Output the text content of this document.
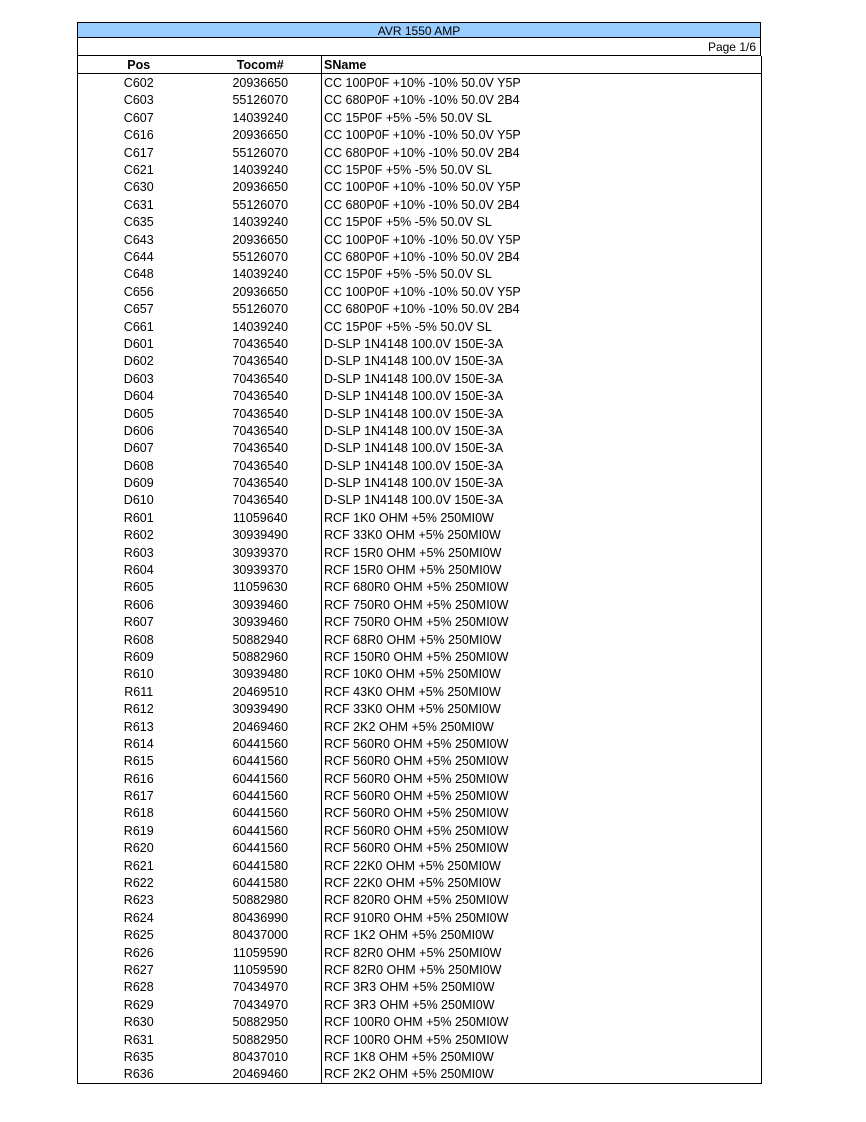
AVR 1550 AMP
Page 1/6
Pos	Tocom#	SName
C602	20936650	CC 100P0F +10% -10% 50.0V Y5P
C603	55126070	CC 680P0F +10% -10% 50.0V 2B4
C607	14039240	CC 15P0F +5% -5% 50.0V SL
C616	20936650	CC 100P0F +10% -10% 50.0V Y5P
C617	55126070	CC 680P0F +10% -10% 50.0V 2B4
C621	14039240	CC 15P0F +5% -5% 50.0V SL
C630	20936650	CC 100P0F +10% -10% 50.0V Y5P
C631	55126070	CC 680P0F +10% -10% 50.0V 2B4
C635	14039240	CC 15P0F +5% -5% 50.0V SL
C643	20936650	CC 100P0F +10% -10% 50.0V Y5P
C644	55126070	CC 680P0F +10% -10% 50.0V 2B4
C648	14039240	CC 15P0F +5% -5% 50.0V SL
C656	20936650	CC 100P0F +10% -10% 50.0V Y5P
C657	55126070	CC 680P0F +10% -10% 50.0V 2B4
C661	14039240	CC 15P0F +5% -5% 50.0V SL
D601	70436540	D-SLP 1N4148 100.0V 150E-3A
D602	70436540	D-SLP 1N4148 100.0V 150E-3A
D603	70436540	D-SLP 1N4148 100.0V 150E-3A
D604	70436540	D-SLP 1N4148 100.0V 150E-3A
D605	70436540	D-SLP 1N4148 100.0V 150E-3A
D606	70436540	D-SLP 1N4148 100.0V 150E-3A
D607	70436540	D-SLP 1N4148 100.0V 150E-3A
D608	70436540	D-SLP 1N4148 100.0V 150E-3A
D609	70436540	D-SLP 1N4148 100.0V 150E-3A
D610	70436540	D-SLP 1N4148 100.0V 150E-3A
R601	11059640	RCF 1K0 OHM +5% 250MI0W
R602	30939490	RCF 33K0 OHM +5% 250MI0W
R603	30939370	RCF 15R0 OHM +5% 250MI0W
R604	30939370	RCF 15R0 OHM +5% 250MI0W
R605	11059630	RCF 680R0 OHM +5% 250MI0W
R606	30939460	RCF 750R0 OHM +5% 250MI0W
R607	30939460	RCF 750R0 OHM +5% 250MI0W
R608	50882940	RCF 68R0 OHM +5% 250MI0W
R609	50882960	RCF 150R0 OHM +5% 250MI0W
R610	30939480	RCF 10K0 OHM +5% 250MI0W
R611	20469510	RCF 43K0 OHM +5% 250MI0W
R612	30939490	RCF 33K0 OHM +5% 250MI0W
R613	20469460	RCF 2K2 OHM +5% 250MI0W
R614	60441560	RCF 560R0 OHM +5% 250MI0W
R615	60441560	RCF 560R0 OHM +5% 250MI0W
R616	60441560	RCF 560R0 OHM +5% 250MI0W
R617	60441560	RCF 560R0 OHM +5% 250MI0W
R618	60441560	RCF 560R0 OHM +5% 250MI0W
R619	60441560	RCF 560R0 OHM +5% 250MI0W
R620	60441560	RCF 560R0 OHM +5% 250MI0W
R621	60441580	RCF 22K0 OHM +5% 250MI0W
R622	60441580	RCF 22K0 OHM +5% 250MI0W
R623	50882980	RCF 820R0 OHM +5% 250MI0W
R624	80436990	RCF 910R0 OHM +5% 250MI0W
R625	80437000	RCF 1K2 OHM +5% 250MI0W
R626	11059590	RCF 82R0 OHM +5% 250MI0W
R627	11059590	RCF 82R0 OHM +5% 250MI0W
R628	70434970	RCF 3R3 OHM +5% 250MI0W
R629	70434970	RCF 3R3 OHM +5% 250MI0W
R630	50882950	RCF 100R0 OHM +5% 250MI0W
R631	50882950	RCF 100R0 OHM +5% 250MI0W
R635	80437010	RCF 1K8 OHM +5% 250MI0W
R636	20469460	RCF 2K2 OHM +5% 250MI0W
